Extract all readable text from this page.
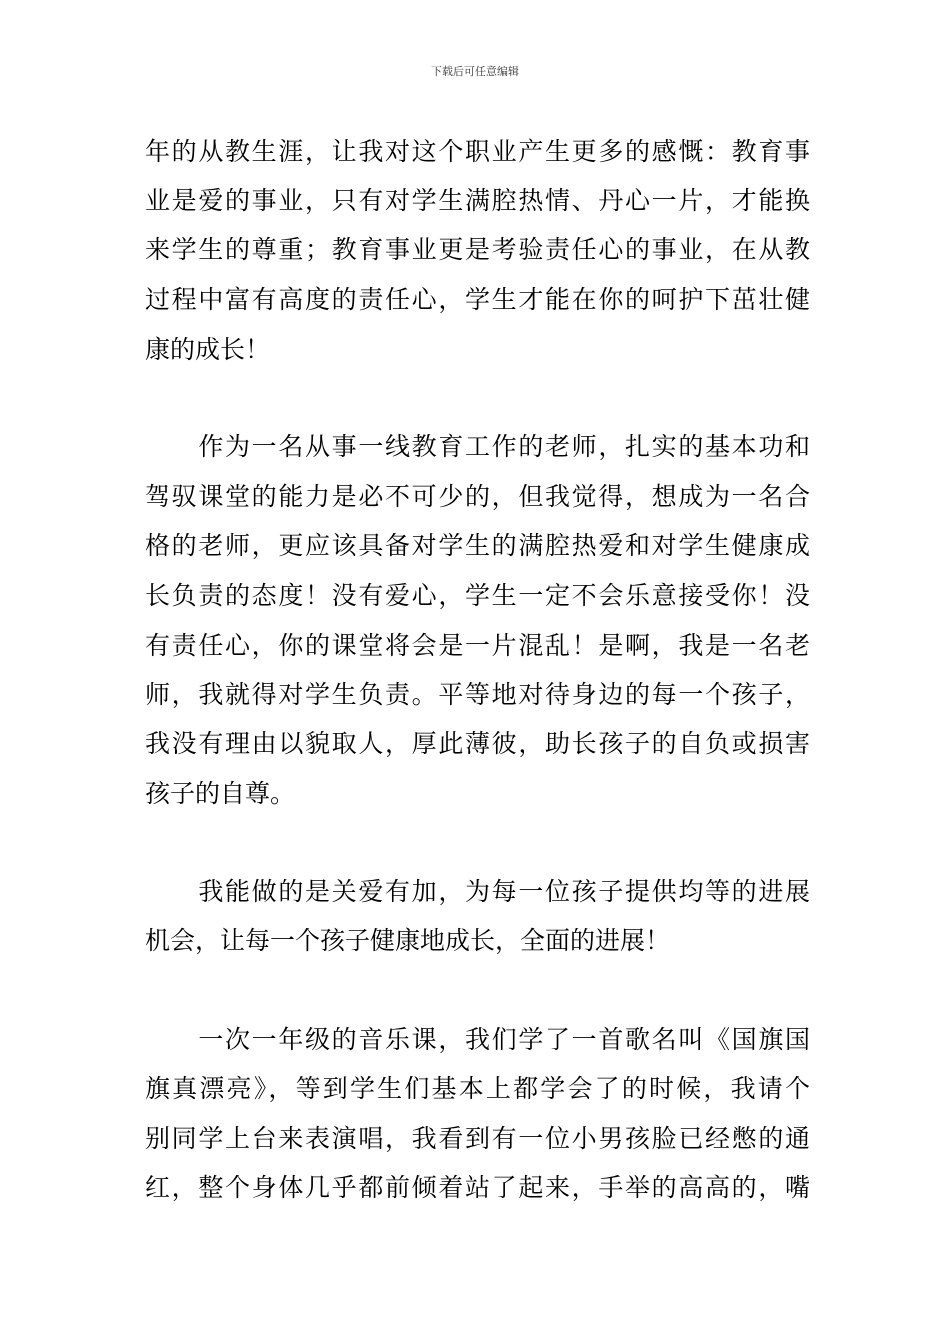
下载后可任意编辑
年的从教生涯，让我对这个职业产生更多的感慨：教育事
业是爱的事业，只有对学生满腔热情、丹心一片，才能换
来学生的尊重；教育事业更是考验责任心的事业，在从教
过程中富有高度的责任心，学生才能在你的呵护下茁壮健
康的成长！
　　作为一名从事一线教育工作的老师，扎实的基本功和
驾驭课堂的能力是必不可少的，但我觉得，想成为一名合
格的老师，更应该具备对学生的满腔热爱和对学生健康成
长负责的态度！没有爱心，学生一定不会乐意接受你！没
有责任心，你的课堂将会是一片混乱！是啊，我是一名老
师，我就得对学生负责。平等地对待身边的每一个孩子，
我没有理由以貌取人，厚此薄彼，助长孩子的自负或损害
孩子的自尊。
　　我能做的是关爱有加，为每一位孩子提供均等的进展
机会，让每一个孩子健康地成长，全面的进展！
　　一次一年级的音乐课，我们学了一首歌名叫《国旗国
旗真漂亮》，等到学生们基本上都学会了的时候，我请个
别同学上台来表演唱，我看到有一位小男孩脸已经憋的通
红，整个身体几乎都前倾着站了起来，手举的高高的，嘴
